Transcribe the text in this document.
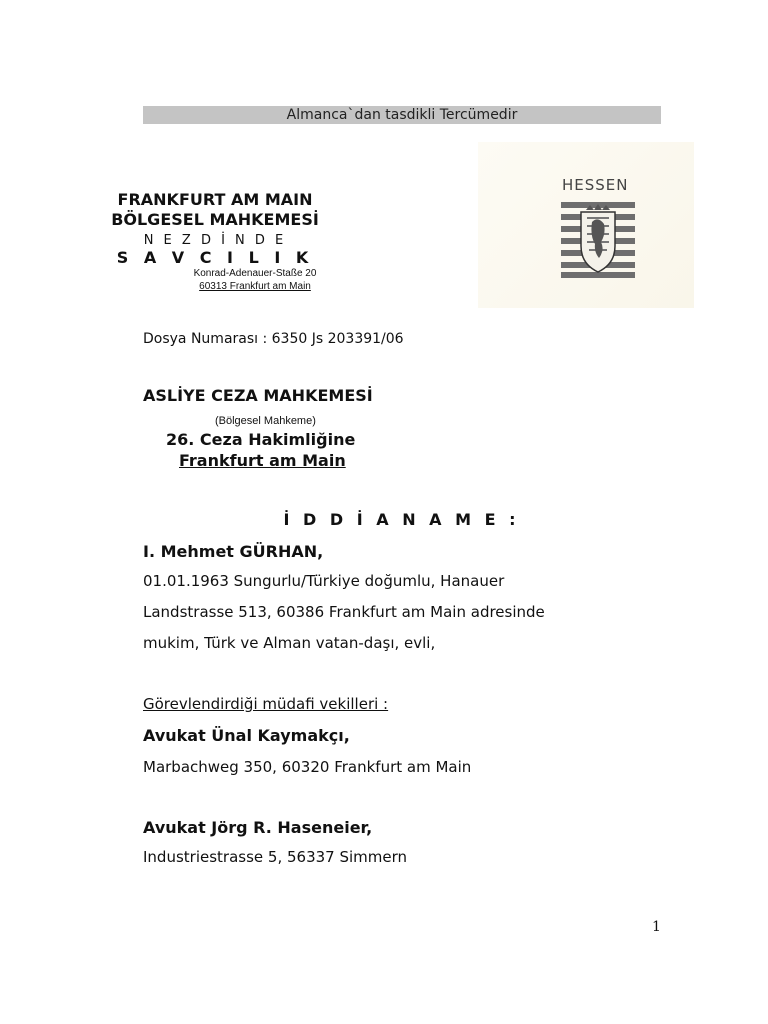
Almanca`dan tasdikli Tercümedir
FRANKFURT AM MAIN
BÖLGESEL MAHKEMESİ
N E Z D İ N D E
S A V C I L I K
Konrad-Adenauer-Staße 20
60313 Frankfurt am Main
HESSEN
Dosya Numarası : 6350 Js 203391/06
ASLİYE CEZA MAHKEMESİ
(Bölgesel Mahkeme)
26. Ceza Hakimliğine
Frankfurt am Main
İ D D İ A N A M E :
I. Mehmet GÜRHAN,
01.01.1963 Sungurlu/Türkiye doğumlu, Hanauer
Landstrasse 513, 60386 Frankfurt am Main adresinde
mukim, Türk ve Alman vatan-daşı, evli,
Görevlendirdiği müdafi vekilleri :
Avukat Ünal Kaymakçı,
Marbachweg 350, 60320 Frankfurt am Main
Avukat Jörg R. Haseneier,
Industriestrasse 5, 56337 Simmern
1
